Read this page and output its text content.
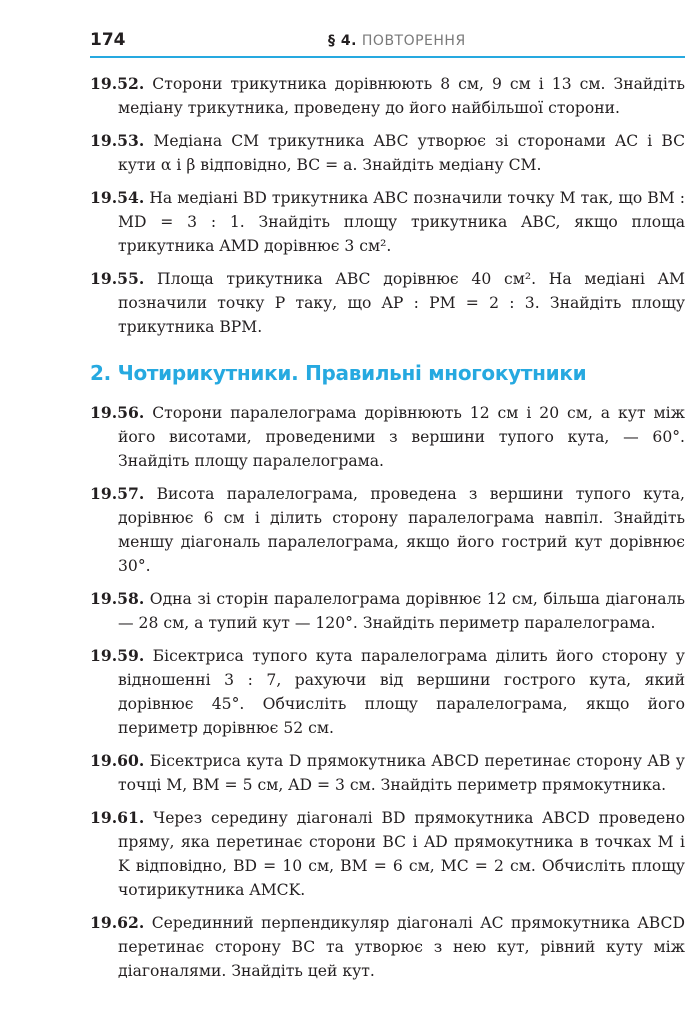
174	§ 4. ПОВТОРЕННЯ

19.52. Сторони трикутника дорівнюють 8 см, 9 см і 13 см. Знайдіть медіану трикутника, проведену до його найбільшої сторони.

19.53. Медіана CM трикутника ABC утворює зі сторонами AC і BC кути α і β відповідно, BC = a. Знайдіть медіану CM.

19.54. На медіані BD трикутника ABC позначили точку M так, що BM : MD = 3 : 1. Знайдіть площу трикутника ABC, якщо площа трикутника AMD дорівнює 3 см².

19.55. Площа трикутника ABC дорівнює 40 см². На медіані AM позначили точку P таку, що AP : PM = 2 : 3. Знайдіть площу трикутника BPM.

2. Чотирикутники. Правильні многокутники

19.56. Сторони паралелограма дорівнюють 12 см і 20 см, а кут між його висотами, проведеними з вершини тупого кута, — 60°. Знайдіть площу паралелограма.

19.57. Висота паралелограма, проведена з вершини тупого кута, дорівнює 6 см і ділить сторону паралелограма навпіл. Знайдіть меншу діагональ паралелограма, якщо його гострий кут дорівнює 30°.

19.58. Одна зі сторін паралелограма дорівнює 12 см, більша діагональ — 28 см, а тупий кут — 120°. Знайдіть периметр паралелограма.

19.59. Бісектриса тупого кута паралелограма ділить його сторону у відношенні 3 : 7, рахуючи від вершини гострого кута, який дорівнює 45°. Обчисліть площу паралелограма, якщо його периметр дорівнює 52 см.

19.60. Бісектриса кута D прямокутника ABCD перетинає сторону AB у точці M, BM = 5 см, AD = 3 см. Знайдіть периметр прямокутника.

19.61. Через середину діагоналі BD прямокутника ABCD проведено пряму, яка перетинає сторони BC і AD прямокутника в точках M і K відповідно, BD = 10 см, BM = 6 см, MC = 2 см. Обчисліть площу чотирикутника AMCK.

19.62. Серединний перпендикуляр діагоналі AC прямокутника ABCD перетинає сторону BC та утворює з нею кут, рівний куту між діагоналями. Знайдіть цей кут.
